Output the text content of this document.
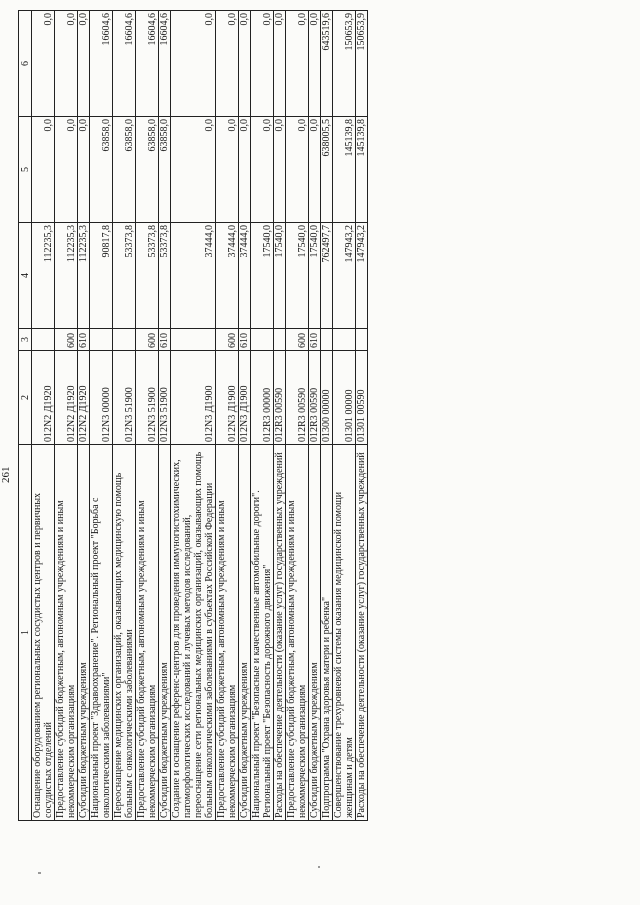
261
1	2	3	4	5	6
Оснащение оборудованием региональных сосудистых центров и первичных сосудистых отделений	012N2 Д1920		112235,3	0,0	0,0
Предоставление субсидий бюджетным, автономным учреждениям и иным некоммерческим организациям	012N2 Д1920	600	112235,3	0,0	0,0
Субсидии бюджетным учреждениям	012N2 Д1920	610	112235,3	0,0	0,0
Национальный проект "Здравоохранение". Региональный проект "Борьба с онкологическими заболеваниями"	012N3 00000		90817,8	63858,0	16604,6
Переоснащение медицинских организаций, оказывающих медицинскую помощь больным с онкологическими заболеваниями	012N3 51900		53373,8	63858,0	16604,6
Предоставление субсидий бюджетным, автономным учреждениям и иным некоммерческим организациям	012N3 51900	600	53373,8	63858,0	16604,6
Субсидии бюджетным учреждениям	012N3 51900	610	53373,8	63858,0	16604,6
Создание и оснащение референс-центров для проведения иммуногистохимических, патоморфологических исследований и лучевых методов исследований, переоснащение сети региональных медицинских организаций, оказывающих помощь больным онкологическими заболеваниями в субъектах Российской Федерации	012N3 Д1900		37444,0	0,0	0,0
Предоставление субсидий бюджетным, автономным учреждениям и иным некоммерческим организациям	012N3 Д1900	600	37444,0	0,0	0,0
Субсидии бюджетным учреждениям	012N3 Д1900	610	37444,0	0,0	0,0
Национальный проект "Безопасные и качественные автомобильные дороги". Региональный проект "Безопасность дорожного движения"	012R3 00000		17540,0	0,0	0,0
Расходы на обеспечение деятельности (оказание услуг) государственных учреждений	012R3 00590		17540,0	0,0	0,0
Предоставление субсидий бюджетным, автономным учреждениям и иным некоммерческим организациям	012R3 00590	600	17540,0	0,0	0,0
Субсидии бюджетным учреждениям	012R3 00590	610	17540,0	0,0	0,0
Подпрограмма "Охрана здоровья матери и ребенка"	01300 00000		762497,7	638005,5	643519,6
Совершенствование трехуровневой системы оказания медицинской помощи женщинам и детям	01301 00000		147943,2	145139,8	150653,9
Расходы на обеспечение деятельности (оказание услуг) государственных учреждений	01301 00590		147943,2	145139,8	150653,9
